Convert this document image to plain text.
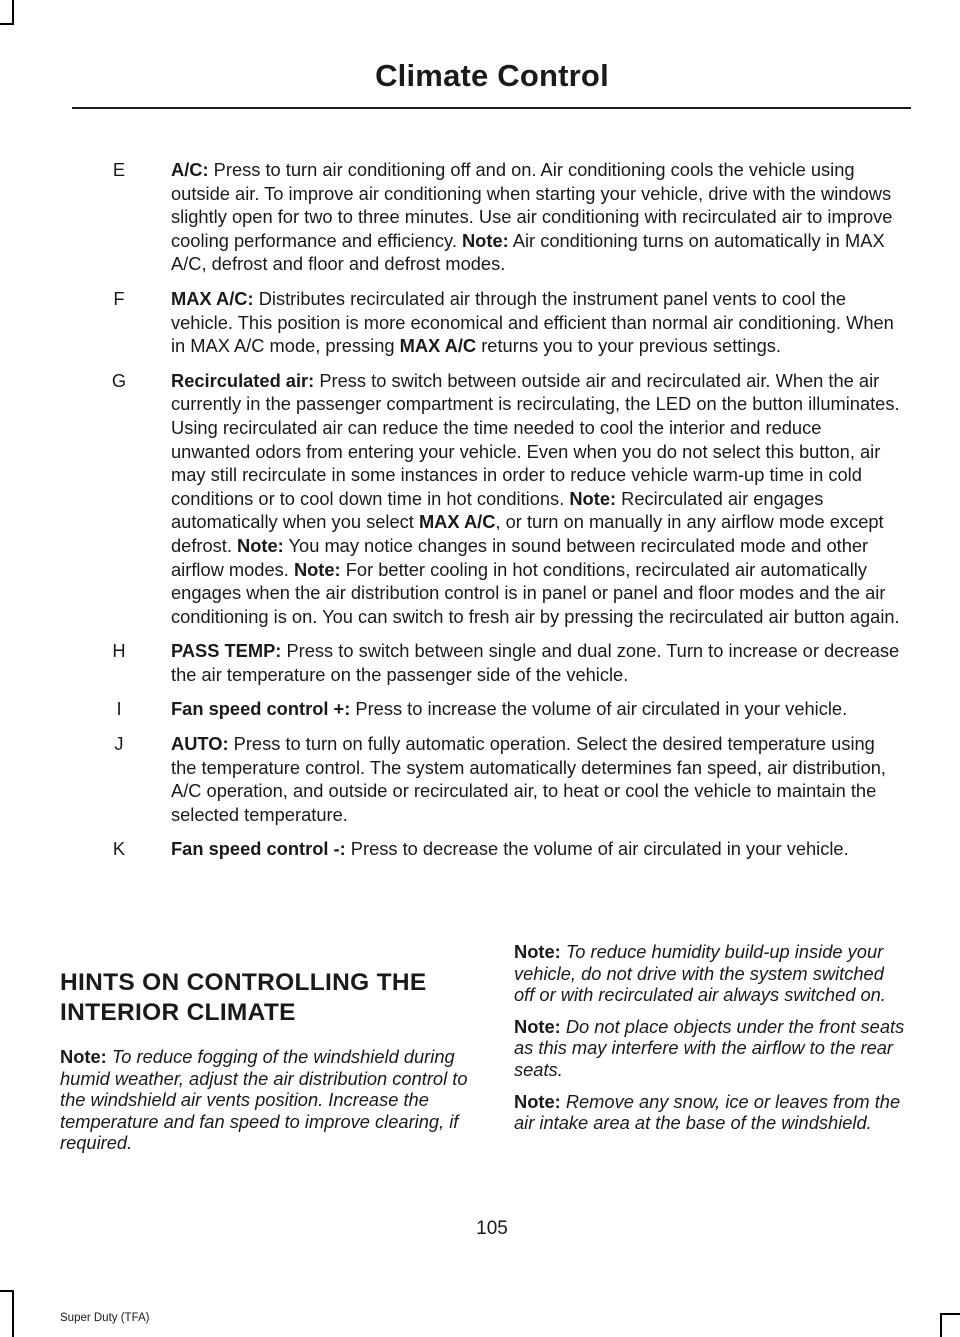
Climate Control
E	A/C: Press to turn air conditioning off and on. Air conditioning cools the vehicle using outside air. To improve air conditioning when starting your vehicle, drive with the windows slightly open for two to three minutes. Use air conditioning with recirculated air to improve cooling performance and efficiency. Note: Air conditioning turns on automatically in MAX A/C, defrost and floor and defrost modes.
F	MAX A/C: Distributes recirculated air through the instrument panel vents to cool the vehicle. This position is more economical and efficient than normal air conditioning. When in MAX A/C mode, pressing MAX A/C returns you to your previous settings.
G	Recirculated air: Press to switch between outside air and recirculated air. When the air currently in the passenger compartment is recirculating, the LED on the button illuminates. Using recirculated air can reduce the time needed to cool the interior and reduce unwanted odors from entering your vehicle. Even when you do not select this button, air may still recirculate in some instances in order to reduce vehicle warm-up time in cold conditions or to cool down time in hot conditions. Note: Recirculated air engages automatically when you select MAX A/C, or turn on manually in any airflow mode except defrost. Note: You may notice changes in sound between recirculated mode and other airflow modes. Note: For better cooling in hot conditions, recirculated air automatically engages when the air distribution control is in panel or panel and floor modes and the air conditioning is on. You can switch to fresh air by pressing the recirculated air button again.
H	PASS TEMP: Press to switch between single and dual zone. Turn to increase or decrease the air temperature on the passenger side of the vehicle.
I	Fan speed control +: Press to increase the volume of air circulated in your vehicle.
J	AUTO: Press to turn on fully automatic operation. Select the desired temperature using the temperature control. The system automatically determines fan speed, air distribution, A/C operation, and outside or recirculated air, to heat or cool the vehicle to maintain the selected temperature.
K	Fan speed control -: Press to decrease the volume of air circulated in your vehicle.
HINTS ON CONTROLLING THE
INTERIOR CLIMATE
Note: To reduce fogging of the windshield during humid weather, adjust the air distribution control to the windshield air vents position. Increase the temperature and fan speed to improve clearing, if required.
Note: To reduce humidity build-up inside your vehicle, do not drive with the system switched off or with recirculated air always switched on.
Note: Do not place objects under the front seats as this may interfere with the airflow to the rear seats.
Note: Remove any snow, ice or leaves from the air intake area at the base of the windshield.
105
Super Duty (TFA)
